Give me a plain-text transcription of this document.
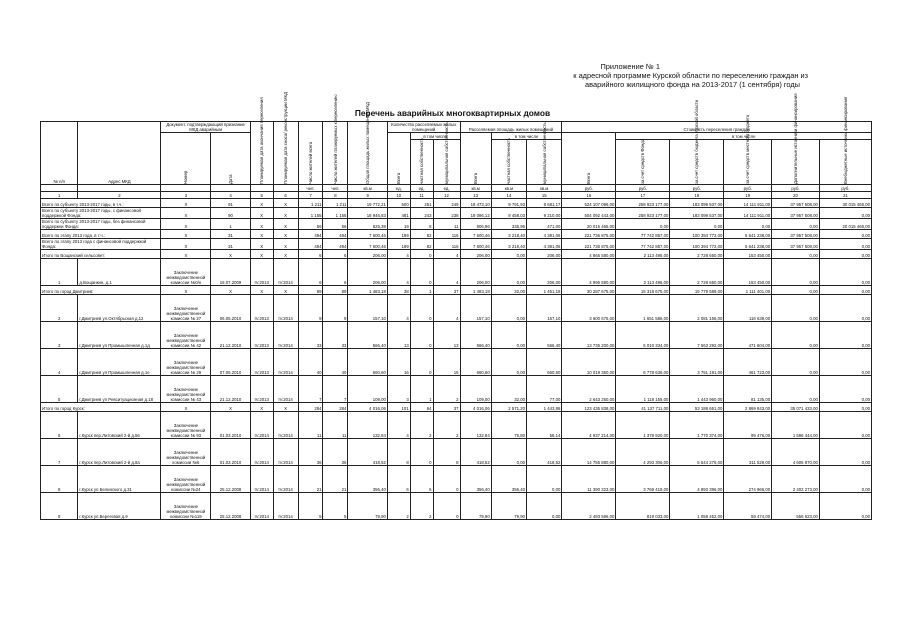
Приложение № 1
к адресной программе Курской области по переселению граждан из
аварийного жилищного фонда на 2013-2017 (1 сентября) годы
Перечень аварийных многоквартирных домов
№ п/п	Адрес МКД	Документ, подтверждающий признание МКД аварийным		Планируемая дата окончания переселения	Планируемая дата сноса/ реконструкции МКД	Число жителей всего	Число жителей планируемых к переселению	Общая площадь жилых помещений МКД	Количество расселяемых жилых помещений			Расселяемая площадь жилых помещений			Стоимость переселения граждан					

		Номер	Дата						Всего	в том числе		Всего	в том числе		Всего	в том числе				

										частная собственность	муниципальная собственность		частная собственность	муниципальная собственность		за счет средств Фонда	за счет средств бюджета Курской области	за счет средств местного бюджета	Дополнительные источники финансирования	Внебюджетные источники финансирования

						чел.	чел.	кв.м	ед.	ед.	ед.	кв.м	кв.м	кв.м	руб.	руб.	руб.	руб.	руб.	руб.
1	2	3	4	5	6	7	8	9	10	11	12	13	14	15	16	17	18	19	20	21
Всего по субъекту 2013-2017 годы, в т.ч.:		X	91	X	X	1 211	1 211	19 772,21	500	251	249	18 473,10	9 791,93	8 681,17	524 107 096,00	258 923 177,00	183 099 537,00	14 111 911,00	37 957 508,00	30 015 465,00
Всего по субъекту 2013-2017 годы, с финансовой поддержкой Фонда:		X	90	X	X	1 155	1 155	18 946,83	481	243	238	18 086,12	8 458,03	9 210,00	504 092 443,00	258 923 177,00	183 099 537,00	14 111 911,00	37 957 508,00	0,00
Всего по субъекту 2013-2017 годы, без финансовой поддержки Фонда:		X	1	X	X	56	56	825,38	19	8	11	806,96	335,96	471,00	20 015 465,00	0,00	0,00	0,00	0,00	20 015 465,00
Всего по этапу 2013 года, в т.ч.:		X	31	X	X	494	494	7 600,46	189	82	116	7 600,46	3 218,40	4 381,06	221 736 875,00	77 742 857,00	100 394 772,00	5 641 238,00	37 957 508,00	0,00
Всего по этапу 2013 года с финансовой поддержкой Фонда:		X	31	X	X	494	494	7 600,46	189	82	116	7 600,46	3 218,40	4 381,06	221 736 875,00	77 742 857,00	100 394 772,00	5 641 238,00	37 957 508,00	0,00
Итого по Вощанский сельсовет:		X	X	X	X	6	6	206,00	4	0	4	206,00	0,00	206,00	4 865 580,00	2 113 495,00	2 728 650,00	153 450,00	0,00	0,00
1	д.Вощанкин, д.1	Заключение межведомственной комиссии №0/н	15.07.2009	IV.2013	IV.2014	6	6	206,00	4	0	4	206,00	0,00	206,00	4 995 580,00	2 113 495,00	2 728 650,00	153 450,00	0,00	0,00
Итого по город Дмитриев:		X	X	X	X	89	89	1 483,18	38	1	37	1 483,18	32,00	1 451,18	30 287 675,00	15 318 675,00	15 779 589,00	1 111 401,00	0,00	0,00
2	г.Дмитриев ул.Октябрьская д.12	Заключение межведомственной комиссии № 27	06.05.2010	IV.2013	IV.2014	9	9	157,10	4	0	4	157,10	0,00	157,10	3 600 675,00	1 651 586,00	2 081 156,00	116 639,00	0,00	0,00
3	г.Дмитриев ул Промышленная д.1д	Заключение межведомственной комиссии № 42	21.12.2010	IV.2013	IV.2014	33	33	566,40	13	0	13	566,40	0,00	566,40	13 735 200,00	5 010 334,00	7 563 292,00	471 604,00	0,00	0,00
4	г.Дмитриев ул Промышленная д.1е	Заключение межведомственной комиссии № 29	07.05.2010	IV.2013	IV.2014	40	40	660,60	16	0	16	660,60	0,00	660,60	10 019 350,00	6 778 636,00	3 751 191,00	461 723,00	0,00	0,00
5	г.Дмитриев ул Ревситуационная д.18	Заключение межведомственной комиссии № 43	21.12.2010	IV.2013	IV.2014	7	7	109,00	3	1	2	109,00	32,00	77,00	2 643 250,00	1 118 155,00	1 443 960,00	81 135,00	0,00	0,00
Итого по город Курск:		X	X	X	X	284	284	4 016,06	101	64	37	4 016,06	2 571,20	1 443,86	123 435 838,00	41 137 711,00	53 188 651,00	2 869 843,00	35 071 433,00	0,00
6	г.Курск пер.Литовский 2-й д.56	Заключение межведомственной комиссии № 93	01.03.2010	IV.2014	IV.2014	11	11	132,84	4	2	2	132,84	75,80	58,14	4 937 214,00	1 379 920,00	1 770 374,00	99 476,00	1 596 444,00	0,00
7	г.Курск пер.Литовский 2-й д.8а	Заключение межведомственной комиссии №6	01.03.2010	IV.2014	IV.2014	36	36	418,52	8	0	8	418,52	0,00	418,52	14 755 880,00	4 293 306,00	5 544 275,00	311 529,00	4 606 870,00	0,00
8	г.Курск ул.Белинского д.31	Заключение межведомственной комиссии №24	25.12.2008	IV.2014	IV.2014	21	21	356,40	6	6	0	356,40	356,40	0,00	11 390 323,00	3 769 418,00	4 893 396,00	274 966,00	2 402 273,00	0,00
9	г.Курск ул.Береговая д.9	Заключение межведомственной комиссии №119	25.12.2008	IV.2014	IV.2014	5	5	79,90	2	2	0	79,90	79,90	0,00	2 493 586,00	819 033,00	1 058 452,00	59 474,00	556 623,00	0,00
